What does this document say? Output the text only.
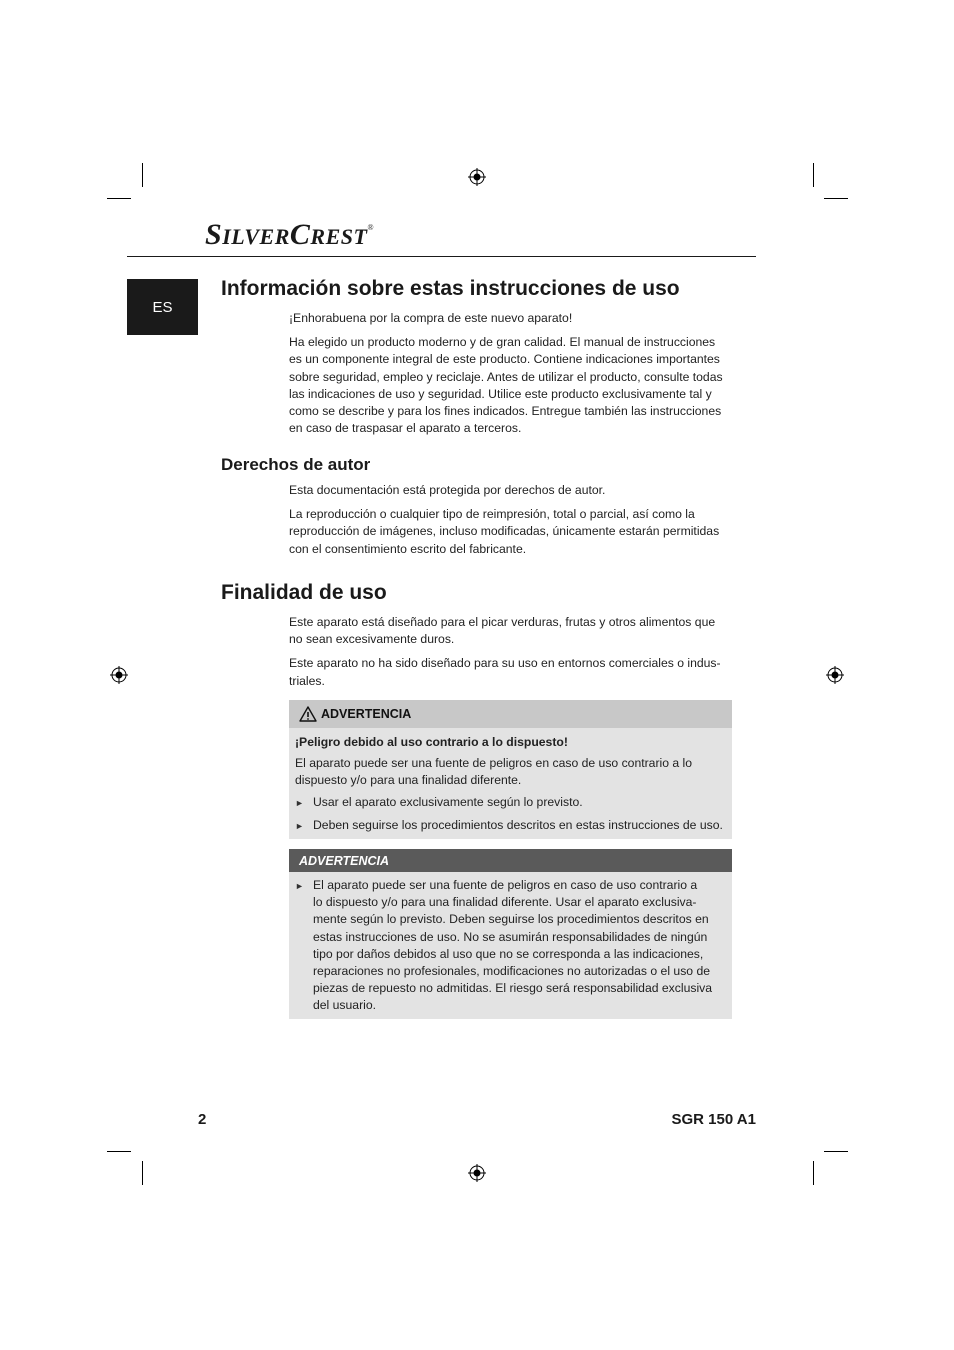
SILVERCREST®
ES
Información sobre estas instrucciones de uso

¡Enhorabuena por la compra de este nuevo aparato!

Ha elegido un producto moderno y de gran calidad. El manual de instrucciones
es un componente integral de este producto. Contiene indicaciones importantes
sobre seguridad, empleo y reciclaje. Antes de utilizar el producto, consulte todas
las indicaciones de uso y seguridad. Utilice este producto exclusivamente tal y
como se describe y para los fines indicados. Entregue también las instrucciones
en caso de traspasar el aparato a terceros.

Derechos de autor

Esta documentación está protegida por derechos de autor.

La reproducción o cualquier tipo de reimpresión, total o parcial, así como la
reproducción de imágenes, incluso modificadas, únicamente estarán permitidas
con el consentimiento escrito del fabricante.

Finalidad de uso

Este aparato está diseñado para el picar verduras, frutas y otros alimentos que
no sean excesivamente duros.

Este aparato no ha sido diseñado para su uso en entornos comerciales o indus-
triales.

ADVERTENCIA

¡Peligro debido al uso contrario a lo dispuesto!

El aparato puede ser una fuente de peligros en caso de uso contrario a lo
dispuesto y/o para una finalidad diferente.

► Usar el aparato exclusivamente según lo previsto.
► Deben seguirse los procedimientos descritos en estas instrucciones de uso.
ADVERTENCIA
► El aparato puede ser una fuente de peligros en caso de uso contrario a
lo dispuesto y/o para una finalidad diferente. Usar el aparato exclusiva-
mente según lo previsto. Deben seguirse los procedimientos descritos en
estas instrucciones de uso. No se asumirán responsabilidades de ningún
tipo por daños debidos al uso que no se corresponda a las indicaciones,
reparaciones no profesionales, modificaciones no autorizadas o el uso de
piezas de repuesto no admitidas. El riesgo será responsabilidad exclusiva
del usuario.
2	SGR 150 A1
